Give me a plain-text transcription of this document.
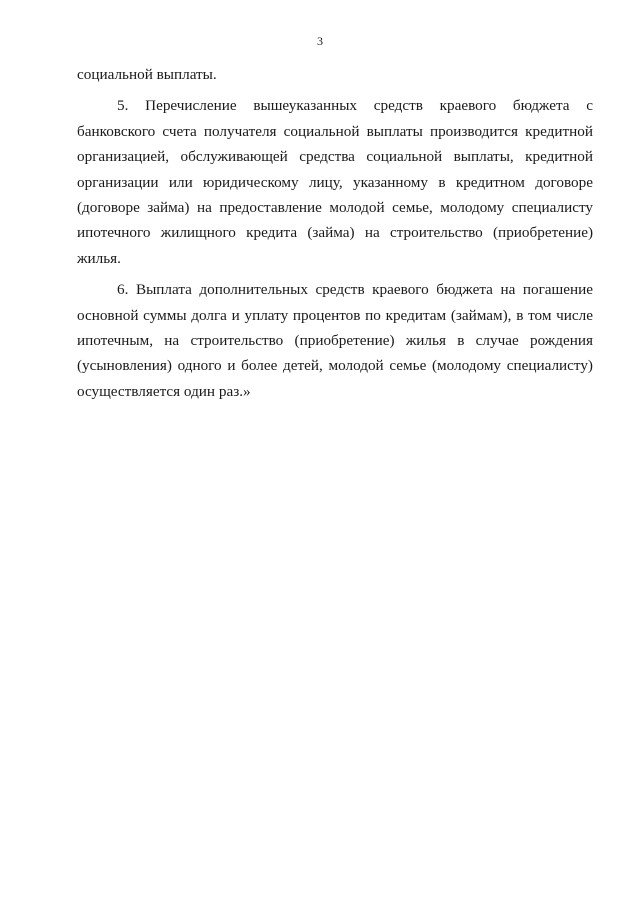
3
социальной выплаты.
5. Перечисление вышеуказанных средств краевого бюджета с
банковского счета получателя социальной выплаты производится кредитной
организацией, обслуживающей средства социальной выплаты, кредитной
организации или юридическому лицу, указанному в кредитном договоре
(договоре займа) на предоставление молодой семье, молодому специалисту
ипотечного жилищного кредита (займа) на строительство (приобретение)
жилья.
6. Выплата дополнительных средств краевого бюджета на погашение
основной суммы долга и уплату процентов по кредитам (займам), в том числе
ипотечным, на строительство (приобретение) жилья в случае рождения
(усыновления) одного и более детей, молодой семье (молодому специалисту)
осуществляется один раз.»
